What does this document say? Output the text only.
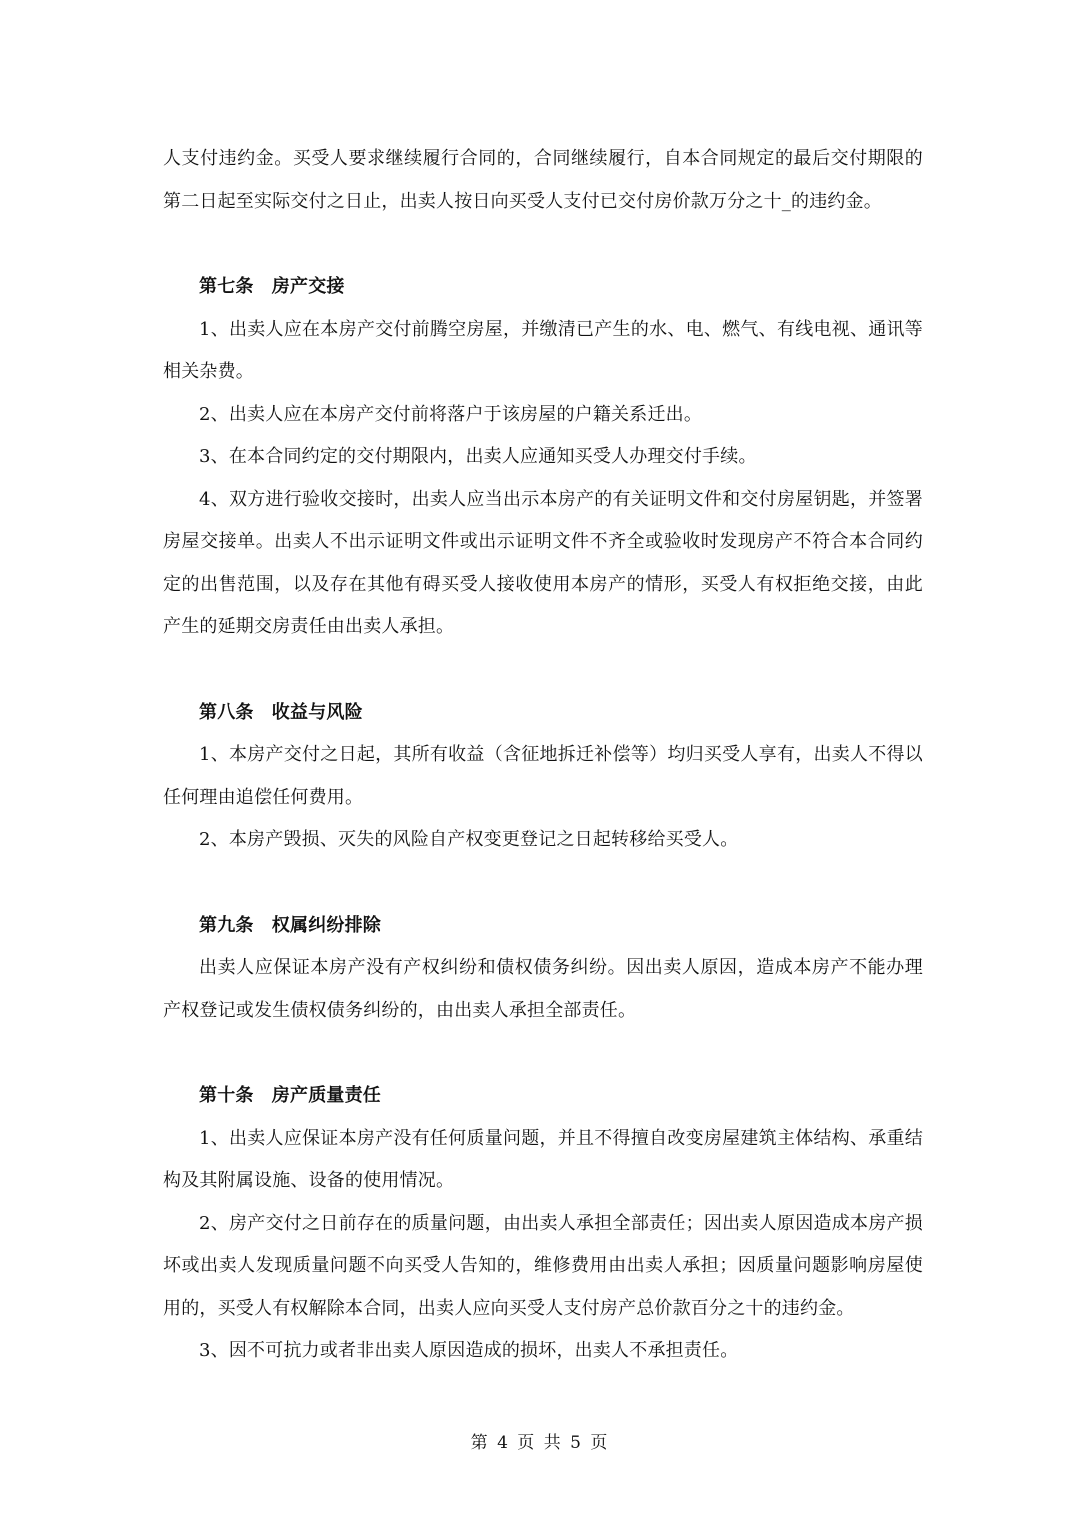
人支付违约金。买受人要求继续履行合同的，合同继续履行，自本合同规定的最后交付期限的第二日起至实际交付之日止，出卖人按日向买受人支付已交付房价款万分之十_的违约金。

第七条　房产交接

1、出卖人应在本房产交付前腾空房屋，并缴清已产生的水、电、燃气、有线电视、通讯等相关杂费。

2、出卖人应在本房产交付前将落户于该房屋的户籍关系迁出。

3、在本合同约定的交付期限内，出卖人应通知买受人办理交付手续。

4、双方进行验收交接时，出卖人应当出示本房产的有关证明文件和交付房屋钥匙，并签署房屋交接单。出卖人不出示证明文件或出示证明文件不齐全或验收时发现房产不符合本合同约定的出售范围，以及存在其他有碍买受人接收使用本房产的情形，买受人有权拒绝交接，由此产生的延期交房责任由出卖人承担。

第八条　收益与风险

1、本房产交付之日起，其所有收益（含征地拆迁补偿等）均归买受人享有，出卖人不得以任何理由追偿任何费用。

2、本房产毁损、灭失的风险自产权变更登记之日起转移给买受人。

第九条　权属纠纷排除

出卖人应保证本房产没有产权纠纷和债权债务纠纷。因出卖人原因，造成本房产不能办理产权登记或发生债权债务纠纷的，由出卖人承担全部责任。

第十条　房产质量责任

1、出卖人应保证本房产没有任何质量问题，并且不得擅自改变房屋建筑主体结构、承重结构及其附属设施、设备的使用情况。

2、房产交付之日前存在的质量问题，由出卖人承担全部责任；因出卖人原因造成本房产损坏或出卖人发现质量问题不向买受人告知的，维修费用由出卖人承担；因质量问题影响房屋使用的，买受人有权解除本合同，出卖人应向买受人支付房产总价款百分之十的违约金。

3、因不可抗力或者非出卖人原因造成的损坏，出卖人不承担责任。

第 4 页 共 5 页
